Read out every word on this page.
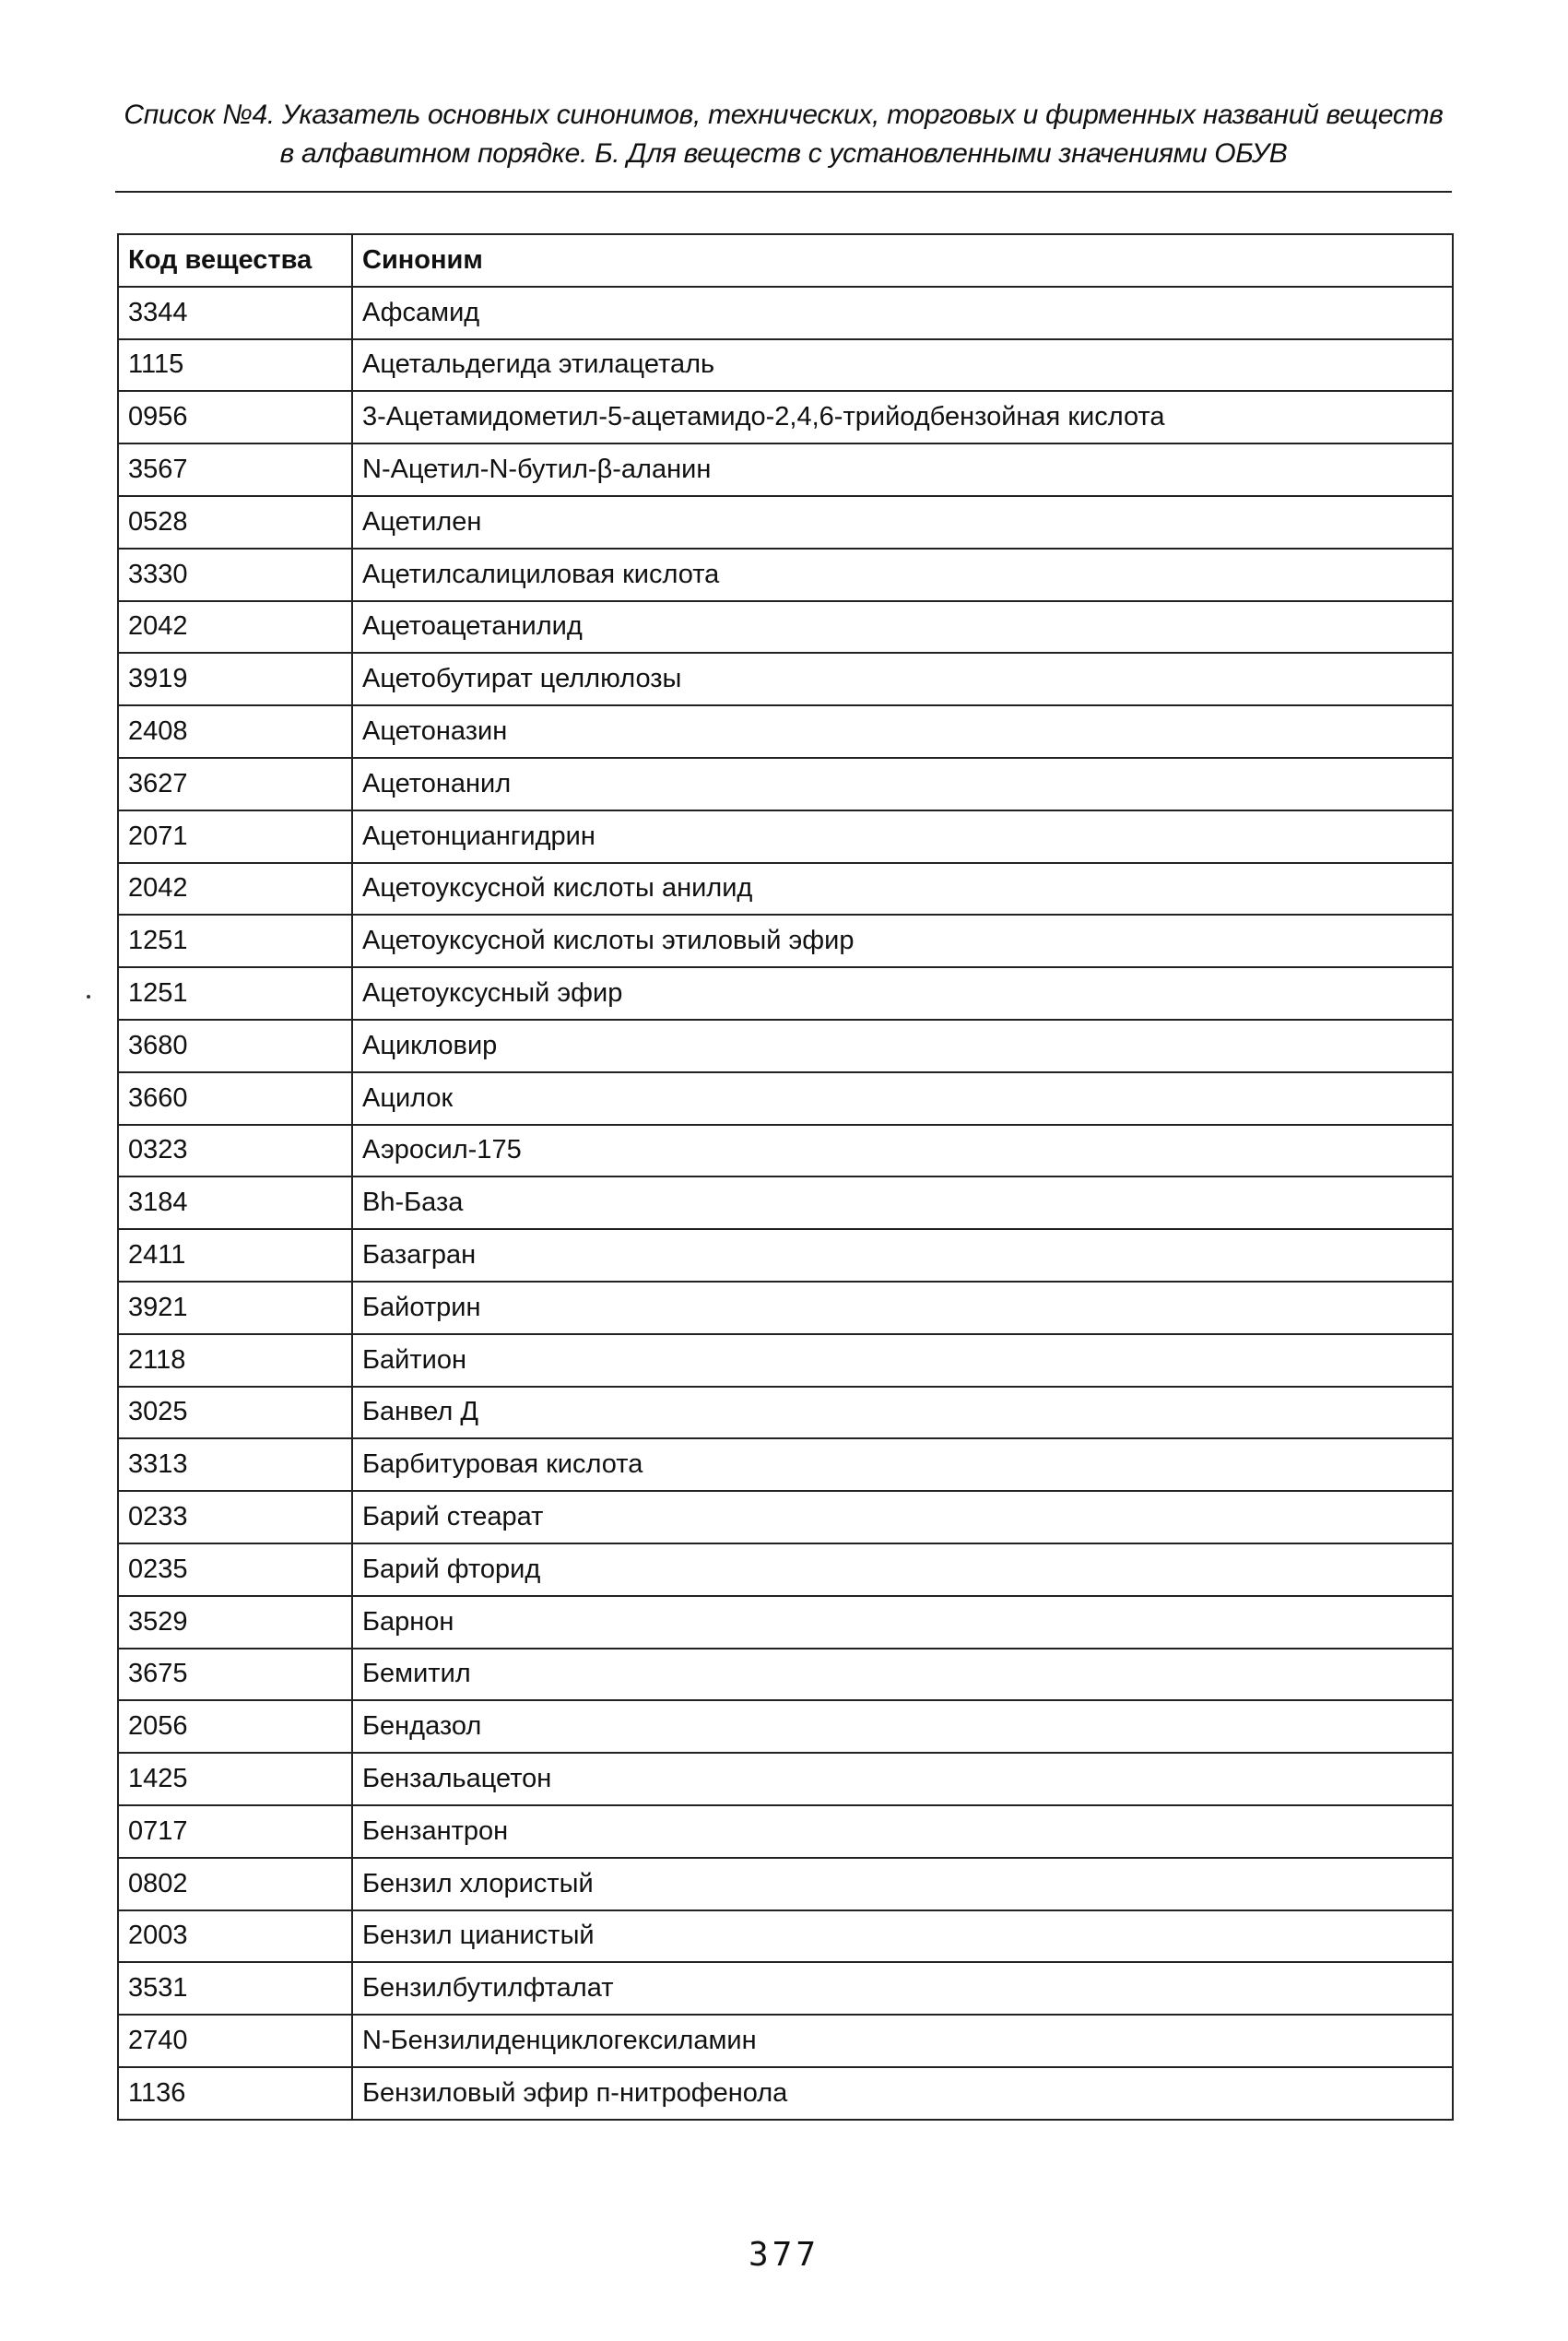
Список №4. Указатель основных синонимов, технических, торговых и фирменных названий веществ
в алфавитном порядке. Б. Для веществ с установленными значениями ОБУВ
Код вещества	Синоним
3344	Афсамид
1115	Ацетальдегида этилацеталь
0956	3-Ацетамидометил-5-ацетамидо-2,4,6-трийодбензойная кислота
3567	N-Ацетил-N-бутил-β-аланин
0528	Ацетилен
3330	Ацетилсалициловая кислота
2042	Ацетоацетанилид
3919	Ацетобутират целлюлозы
2408	Ацетоназин
3627	Ацетонанил
2071	Ацетонциангидрин
2042	Ацетоуксусной кислоты анилид
1251	Ацетоуксусной кислоты этиловый эфир
1251	Ацетоуксусный эфир
3680	Ацикловир
3660	Ацилок
0323	Аэросил-175
3184	Bh-База
2411	Базагран
3921	Байотрин
2118	Байтион
3025	Банвел Д
3313	Барбитуровая кислота
0233	Барий стеарат
0235	Барий фторид
3529	Барнон
3675	Бемитил
2056	Бендазол
1425	Бензальацетон
0717	Бензантрон
0802	Бензил хлористый
2003	Бензил цианистый
3531	Бензилбутилфталат
2740	N-Бензилиденциклогексиламин
1136	Бензиловый эфир п-нитрофенола
377
